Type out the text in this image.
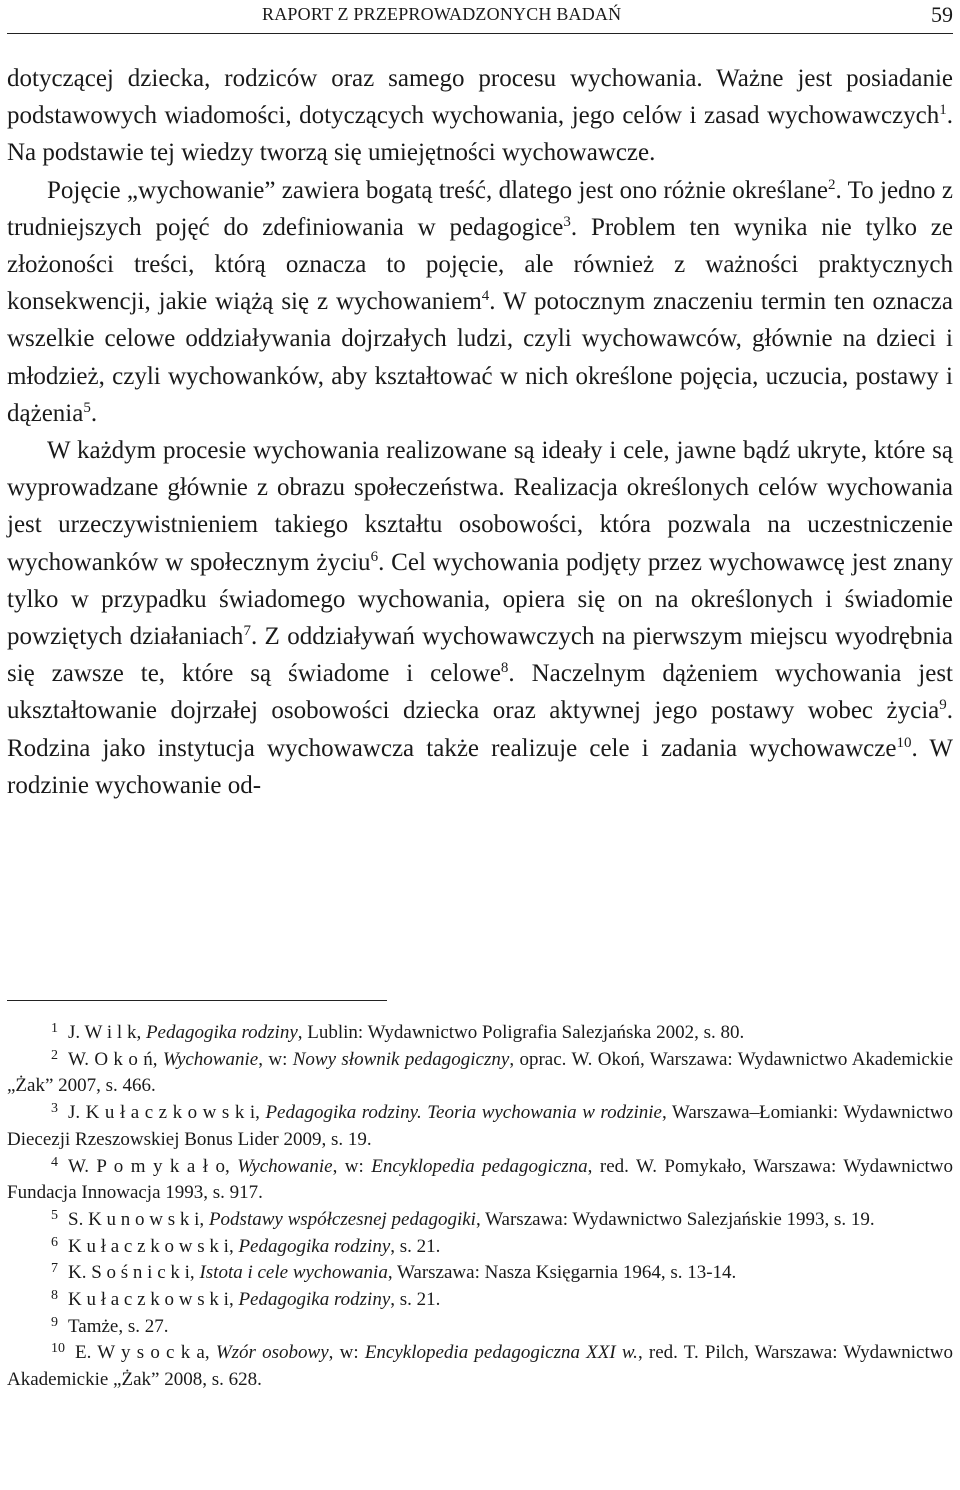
RAPORT Z PRZEPROWADZONYCH BADAŃ	59

dotyczącej dziecka, rodziców oraz samego procesu wychowania. Ważne jest posiadanie podstawowych wiadomości, dotyczących wychowania, jego celów i zasad wychowawczych$^1$. Na podstawie tej wiedzy tworzą się umiejętności wychowawcze.

Pojęcie „wychowanie” zawiera bogatą treść, dlatego jest ono różnie określane$^2$. To jedno z trudniejszych pojęć do zdefiniowania w pedagogice$^3$. Problem ten wynika nie tylko ze złożoności treści, którą oznacza to pojęcie, ale również z ważności praktycznych konsekwencji, jakie wiążą się z wychowaniem$^4$. W potocznym znaczeniu termin ten oznacza wszelkie celowe oddziaływania dojrzałych ludzi, czyli wychowawców, głównie na dzieci i młodzież, czyli wychowanków, aby kształtować w nich określone pojęcia, uczucia, postawy i dążenia$^5$.

W każdym procesie wychowania realizowane są ideały i cele, jawne bądź ukryte, które są wyprowadzane głównie z obrazu społeczeństwa. Realizacja określonych celów wychowania jest urzeczywistnieniem takiego kształtu osobowości, która pozwala na uczestniczenie wychowanków w społecznym życiu$^6$. Cel wychowania podjęty przez wychowawcę jest znany tylko w przypadku świadomego wychowania, opiera się on na określonych i świadomie powziętych działaniach$^7$. Z oddziaływań wychowawczych na pierwszym miejscu wyodrębnia się zawsze te, które są świadome i celowe$^8$. Naczelnym dążeniem wychowania jest ukształtowanie dojrzałej osobowości dziecka oraz aktywnej jego postawy wobec życia$^9$. Rodzina jako instytucja wychowawcza także realizuje cele i zadania wychowawcze$^{10}$. W rodzinie wychowanie od-

$^1$ J. W i l k, Pedagogika rodziny, Lublin: Wydawnictwo Poligrafia Salezjańska 2002, s. 80.

$^2$ W. O k o ń, Wychowanie, w: Nowy słownik pedagogiczny, oprac. W. Okoń, Warszawa: Wydawnictwo Akademickie „Żak” 2007, s. 466.

$^3$ J. K u ł a c z k o w s k i, Pedagogika rodziny. Teoria wychowania w rodzinie, Warszawa–Łomianki: Wydawnictwo Diecezji Rzeszowskiej Bonus Lider 2009, s. 19.

$^4$ W. P o m y k a ł o, Wychowanie, w: Encyklopedia pedagogiczna, red. W. Pomykało, Warszawa: Wydawnictwo Fundacja Innowacja 1993, s. 917.

$^5$ S. K u n o w s k i, Podstawy współczesnej pedagogiki, Warszawa: Wydawnictwo Salezjańskie 1993, s. 19.

$^6$ K u ł a c z k o w s k i, Pedagogika rodziny, s. 21.

$^7$ K. S o ś n i c k i, Istota i cele wychowania, Warszawa: Nasza Księgarnia 1964, s. 13-14.

$^8$ K u ł a c z k o w s k i, Pedagogika rodziny, s. 21.

$^9$ Tamże, s. 27.

$^{10}$ E. W y s o c k a, Wzór osobowy, w: Encyklopedia pedagogiczna XXI w., red. T. Pilch, Warszawa: Wydawnictwo Akademickie „Żak” 2008, s. 628.
